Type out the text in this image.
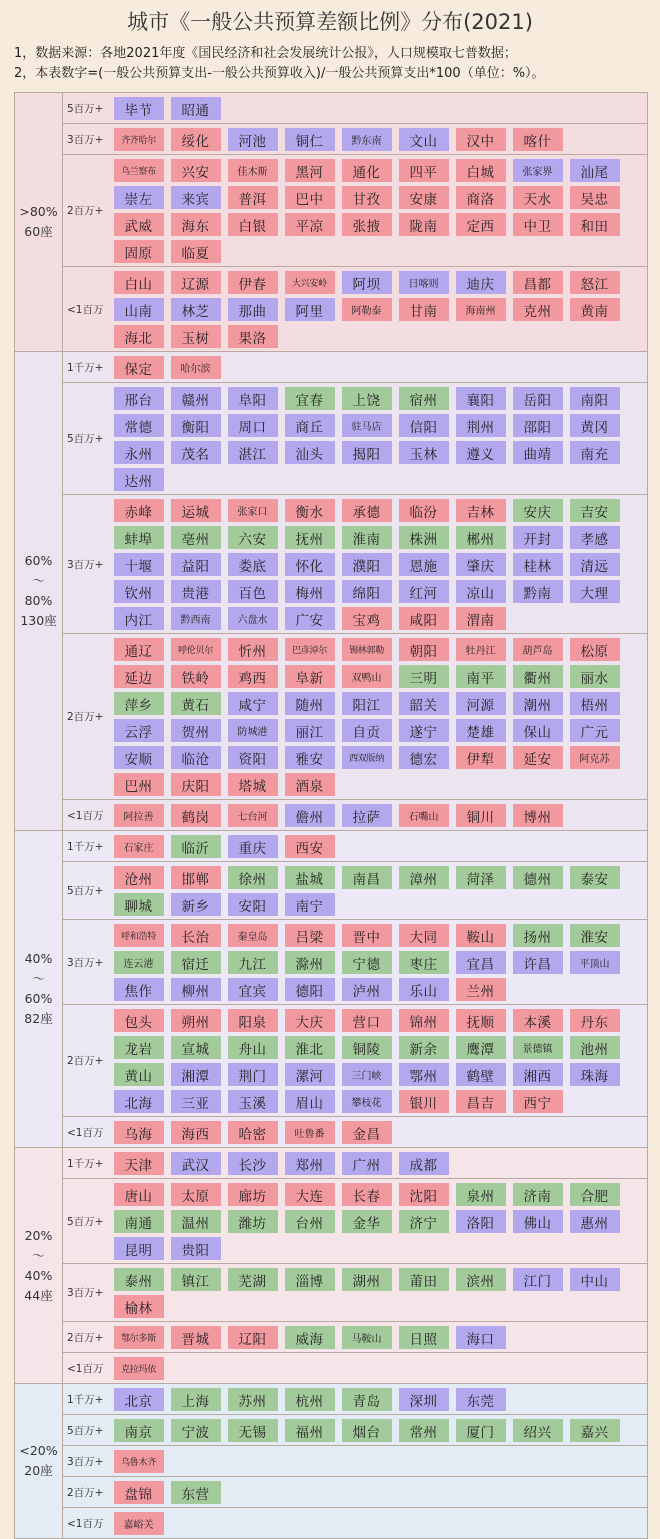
城市《一般公共预算差额比例》分布(2021)
1，数据来源：各地2021年度《国民经济和社会发展统计公报》，人口规模取七普数据；
2，本表数字=(一般公共预算支出-一般公共预算收入)/一般公共预算支出*100（单位：%）。
>80%
60座
5百万+	毕节	昭通
3百万+	齐齐哈尔	绥化	河池	铜仁	黔东南	文山	汉中	喀什
2百万+
乌兰察布	兴安	佳木斯	黑河	通化	四平	白城	张家界	汕尾
崇左	来宾	普洱	巴中	甘孜	安康	商洛	天水	吴忠
武威	海东	白银	平凉	张掖	陇南	定西	中卫	和田
固原	临夏
<1百万
白山	辽源	伊春	大兴安岭	阿坝	日喀则	迪庆	昌都	怒江
山南	林芝	那曲	阿里	阿勒泰	甘南	海南州	克州	黄南
海北	玉树	果洛
60%
～
80%
130座
1千万+	保定	哈尔滨
5百万+
邢台	赣州	阜阳	宜春	上饶	宿州	襄阳	岳阳	南阳
常德	衡阳	周口	商丘	驻马店	信阳	荆州	邵阳	黄冈
永州	茂名	湛江	汕头	揭阳	玉林	遵义	曲靖	南充
达州
3百万+
赤峰	运城	张家口	衡水	承德	临汾	吉林	安庆	吉安
蚌埠	亳州	六安	抚州	淮南	株洲	郴州	开封	孝感
十堰	益阳	娄底	怀化	濮阳	恩施	肇庆	桂林	清远
钦州	贵港	百色	梅州	绵阳	红河	凉山	黔南	大理
内江	黔西南	六盘水	广安	宝鸡	咸阳	渭南
2百万+
通辽	呼伦贝尔	忻州	巴彦淖尔	锡林郭勒	朝阳	牡丹江	葫芦岛	松原
延边	铁岭	鸡西	阜新	双鸭山	三明	南平	衢州	丽水
萍乡	黄石	咸宁	随州	阳江	韶关	河源	潮州	梧州
云浮	贺州	防城港	丽江	自贡	遂宁	楚雄	保山	广元
安顺	临沧	资阳	雅安	西双版纳	德宏	伊犁	延安	阿克苏
巴州	庆阳	塔城	酒泉
<1百万	阿拉善	鹤岗	七台河	儋州	拉萨	石嘴山	铜川	博州
40%
～
60%
82座
1千万+	石家庄	临沂	重庆	西安
5百万+
沧州	邯郸	徐州	盐城	南昌	漳州	菏泽	德州	泰安
聊城	新乡	安阳	南宁
3百万+
呼和浩特	长治	秦皇岛	吕梁	晋中	大同	鞍山	扬州	淮安
连云港	宿迁	九江	滁州	宁德	枣庄	宜昌	许昌	平顶山
焦作	柳州	宜宾	德阳	泸州	乐山	兰州
2百万+
包头	朔州	阳泉	大庆	营口	锦州	抚顺	本溪	丹东
龙岩	宣城	舟山	淮北	铜陵	新余	鹰潭	景德镇	池州
黄山	湘潭	荆门	漯河	三门峡	鄂州	鹤壁	湘西	珠海
北海	三亚	玉溪	眉山	攀枝花	银川	昌吉	西宁
<1百万	乌海	海西	哈密	吐鲁番	金昌
20%
～
40%
44座
1千万+	天津	武汉	长沙	郑州	广州	成都
5百万+
唐山	太原	廊坊	大连	长春	沈阳	泉州	济南	合肥
南通	温州	潍坊	台州	金华	济宁	洛阳	佛山	惠州
昆明	贵阳
3百万+
泰州	镇江	芜湖	淄博	湖州	莆田	滨州	江门	中山
榆林
2百万+	鄂尔多斯	晋城	辽阳	威海	马鞍山	日照	海口
<1百万	克拉玛依
<20%
20座
1千万+	北京	上海	苏州	杭州	青岛	深圳	东莞
5百万+	南京	宁波	无锡	福州	烟台	常州	厦门	绍兴	嘉兴
3百万+	乌鲁木齐
2百万+	盘锦	东营
<1百万	嘉峪关
